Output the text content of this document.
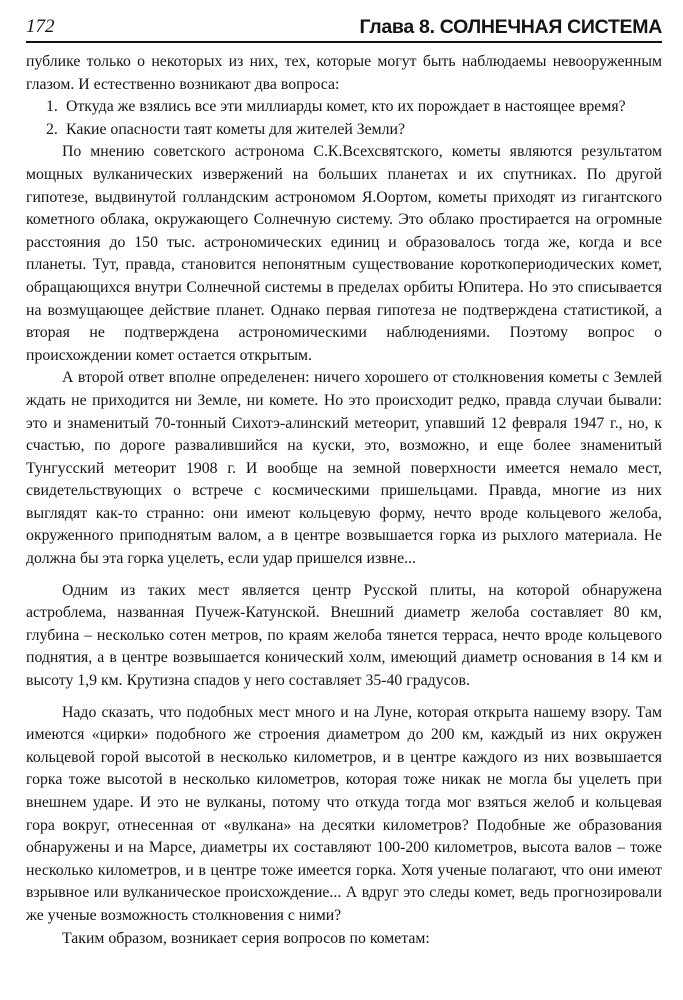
172	Глава 8. СОЛНЕЧНАЯ СИСТЕМА

публике только о некоторых из них, тех, которые могут быть наблюдаемы невооруженным глазом. И естественно возникают два вопроса:

1. Откуда же взялись все эти миллиарды комет, кто их порождает в настоящее время?
2. Какие опасности таят кометы для жителей Земли?

По мнению советского астронома С.К.Всехсвятского, кометы являются результатом мощных вулканических извержений на больших планетах и их спутниках. По другой гипотезе, выдвинутой голландским астрономом Я.Оортом, кометы приходят из гигантского кометного облака, окружающего Солнечную систему. Это облако простирается на огромные расстояния до 150 тыс. астрономических единиц и образовалось тогда же, когда и все планеты. Тут, правда, становится непонятным существование короткопериодических комет, обращающихся внутри Солнечной системы в пределах орбиты Юпитера. Но это списывается на возмущающее действие планет. Однако первая гипотеза не подтверждена статистикой, а вторая не подтверждена астрономическими наблюдениями. Поэтому вопрос о происхождении комет остается открытым.

А второй ответ вполне определенен: ничего хорошего от столкновения кометы с Землей ждать не приходится ни Земле, ни комете. Но это происходит редко, правда случаи бывали: это и знаменитый 70-тонный Сихотэ-алинский метеорит, упавший 12 февраля 1947 г., но, к счастью, по дороге развалившийся на куски, это, возможно, и еще более знаменитый Тунгусский метеорит 1908 г. И вообще на земной поверхности имеется немало мест, свидетельствующих о встрече с космическими пришельцами. Правда, многие из них выглядят как-то странно: они имеют кольцевую форму, нечто вроде кольцевого желоба, окруженного приподнятым валом, а в центре возвышается горка из рыхлого материала. Не должна бы эта горка уцелеть, если удар пришелся извне...

Одним из таких мест является центр Русской плиты, на которой обнаружена астроблема, названная Пучеж-Катунской. Внешний диаметр желоба составляет 80 км, глубина – несколько сотен метров, по краям желоба тянется терраса, нечто вроде кольцевого поднятия, а в центре возвышается конический холм, имеющий диаметр основания в 14 км и высоту 1,9 км. Крутизна спадов у него составляет 35-40 градусов.

Надо сказать, что подобных мест много и на Луне, которая открыта нашему взору. Там имеются «цирки» подобного же строения диаметром до 200 км, каждый из них окружен кольцевой горой высотой в несколько километров, и в центре каждого из них возвышается горка тоже высотой в несколько километров, которая тоже никак не могла бы уцелеть при внешнем ударе. И это не вулканы, потому что откуда тогда мог взяться желоб и кольцевая гора вокруг, отнесенная от «вулкана» на десятки километров? Подобные же образования обнаружены и на Марсе, диаметры их составляют 100-200 километров, высота валов – тоже несколько километров, и в центре тоже имеется горка. Хотя ученые полагают, что они имеют взрывное или вулканическое происхождение... А вдруг это следы комет, ведь прогнозировали же ученые возможность столкновения с ними?

Таким образом, возникает серия вопросов по кометам:
